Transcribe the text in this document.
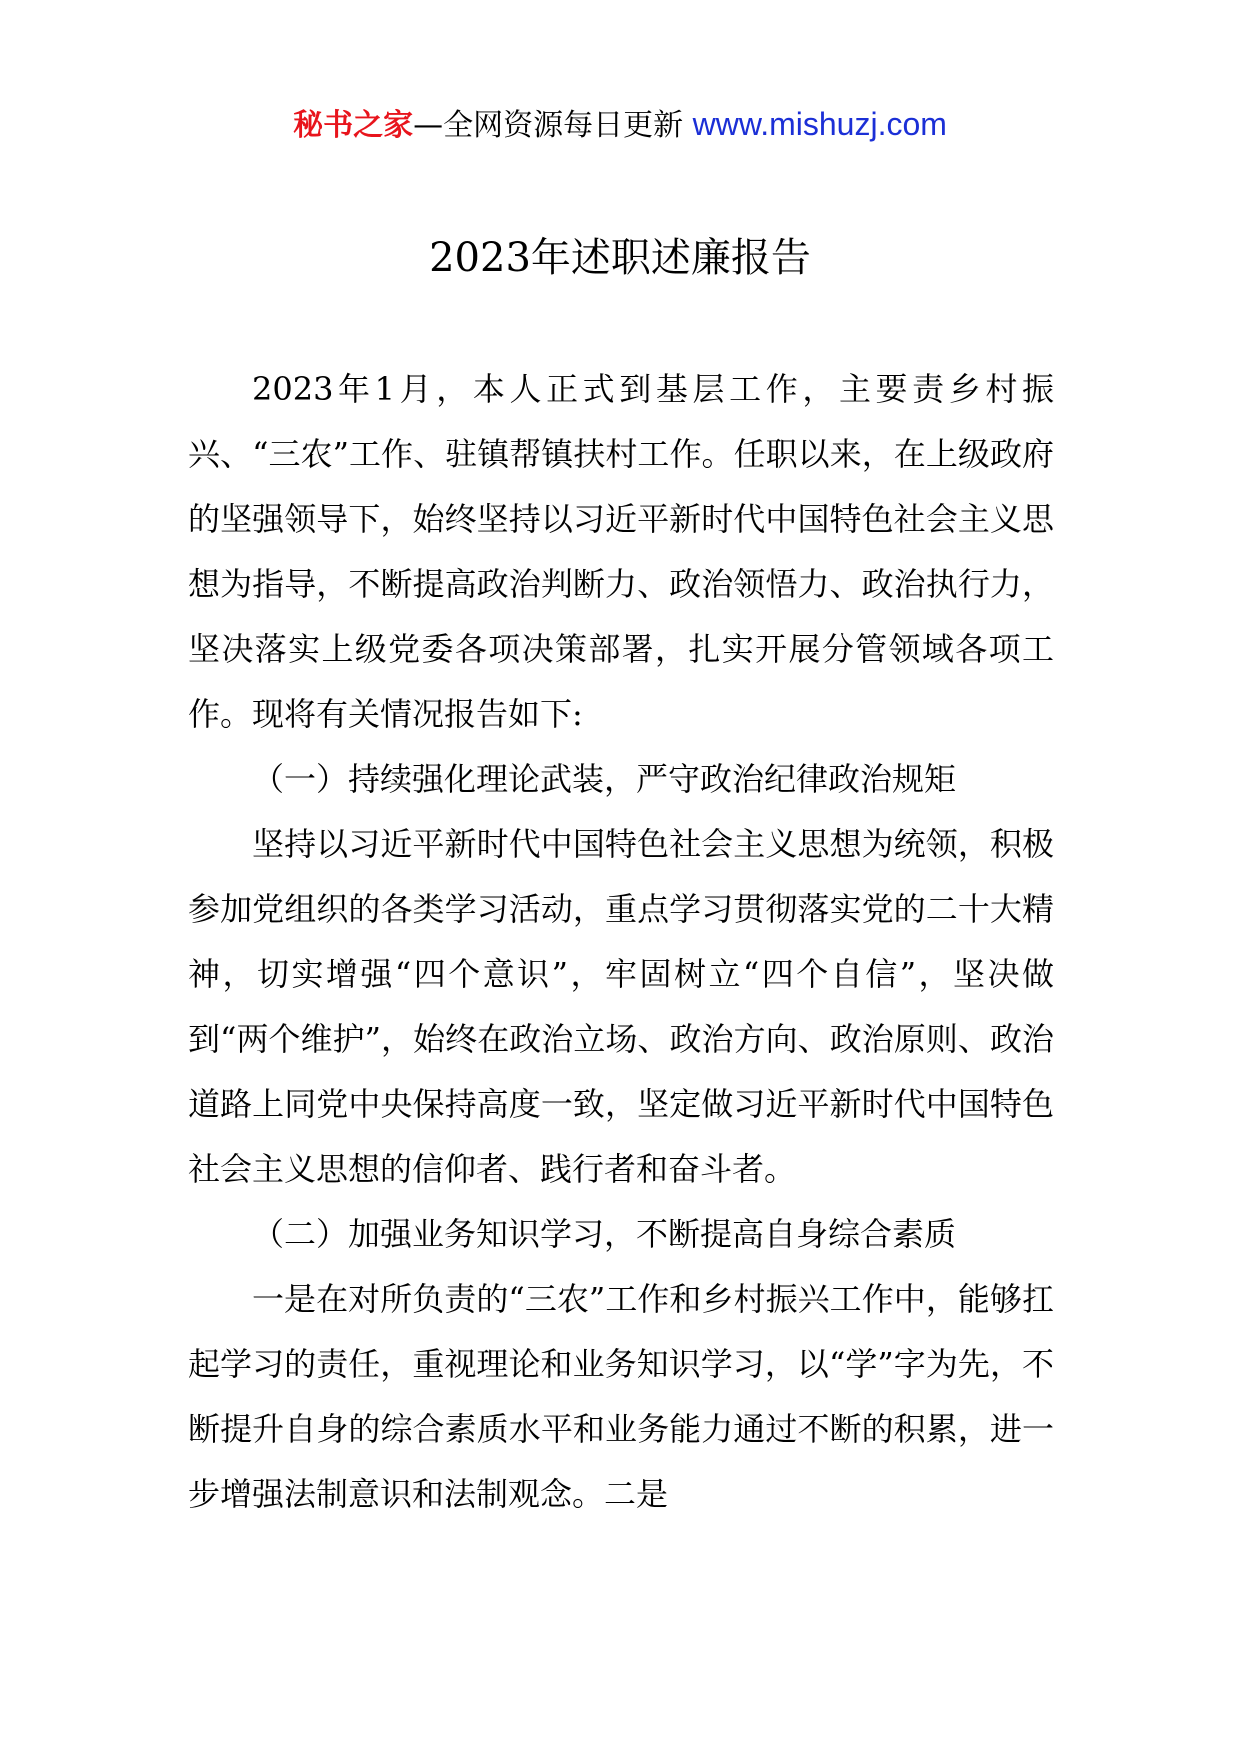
秘书之家—全网资源每日更新 www.mishuzj.com
2023年述职述廉报告

2023年1月，本人正式到基层工作，主要责乡村振兴、“三农”工作、驻镇帮镇扶村工作。任职以来，在上级政府的坚强领导下，始终坚持以习近平新时代中国特色社会主义思想为指导，不断提高政治判断力、政治领悟力、政治执行力，坚决落实上级党委各项决策部署，扎实开展分管领域各项工作。现将有关情况报告如下:

（一）持续强化理论武装，严守政治纪律政治规矩

坚持以习近平新时代中国特色社会主义思想为统领，积极参加党组织的各类学习活动，重点学习贯彻落实党的二十大精神，切实增强“四个意识”，牢固树立“四个自信”，坚决做到“两个维护”，始终在政治立场、政治方向、政治原则、政治道路上同党中央保持高度一致，坚定做习近平新时代中国特色社会主义思想的信仰者、践行者和奋斗者。

（二）加强业务知识学习，不断提高自身综合素质

一是在对所负责的“三农”工作和乡村振兴工作中，能够扛起学习的责任，重视理论和业务知识学习，以“学”字为先，不断提升自身的综合素质水平和业务能力通过不断的积累，进一步增强法制意识和法制观念。二是
